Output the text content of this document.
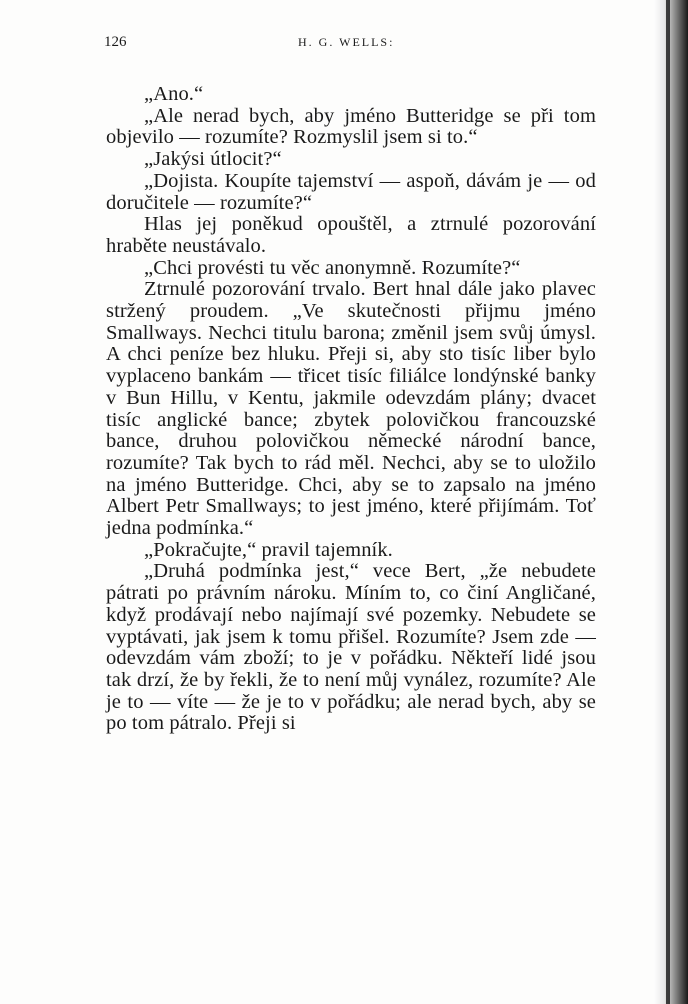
126	H. G. WELLS:

„Ano.“

„Ale nerad bych, aby jméno Butteridge se při tom objevilo — rozumíte? Rozmyslil jsem si to.“

„Jakýsi útlocit?“

„Dojista. Koupíte tajemství — aspoň, dávám je — od doručitele — rozumíte?“

Hlas jej poněkud opouštěl, a ztrnulé pozorování hraběte neustávalo.

„Chci provésti tu věc anonymně. Rozumíte?“

Ztrnulé pozorování trvalo. Bert hnal dále jako plavec stržený proudem. „Ve skutečnosti přijmu jméno Smallways. Nechci titulu barona; změnil jsem svůj úmysl. A chci peníze bez hluku. Přeji si, aby sto tisíc liber bylo vyplaceno bankám — třicet tisíc filiálce londýnské banky v Bun Hillu, v Kentu, jakmile odevzdám plány; dvacet tisíc anglické bance; zbytek polovičkou francouzské bance, druhou polovičkou německé národní bance, rozumíte? Tak bych to rád měl. Nechci, aby se to uložilo na jméno Butteridge. Chci, aby se to zapsalo na jméno Albert Petr Smallways; to jest jméno, které přijímám. Toť jedna podmínka.“

„Pokračujte,“ pravil tajemník.

„Druhá podmínka jest,“ vece Bert, „že nebudete pátrati po právním nároku. Míním to, co činí Angličané, když prodávají nebo najímají své pozemky. Nebudete se vyptávati, jak jsem k tomu přišel. Rozumíte? Jsem zde — odevzdám vám zboží; to je v pořádku. Někteří lidé jsou tak drzí, že by řekli, že to není můj vynález, rozumíte? Ale je to — víte — že je to v pořádku; ale nerad bych, aby se po tom pátralo. Přeji si
